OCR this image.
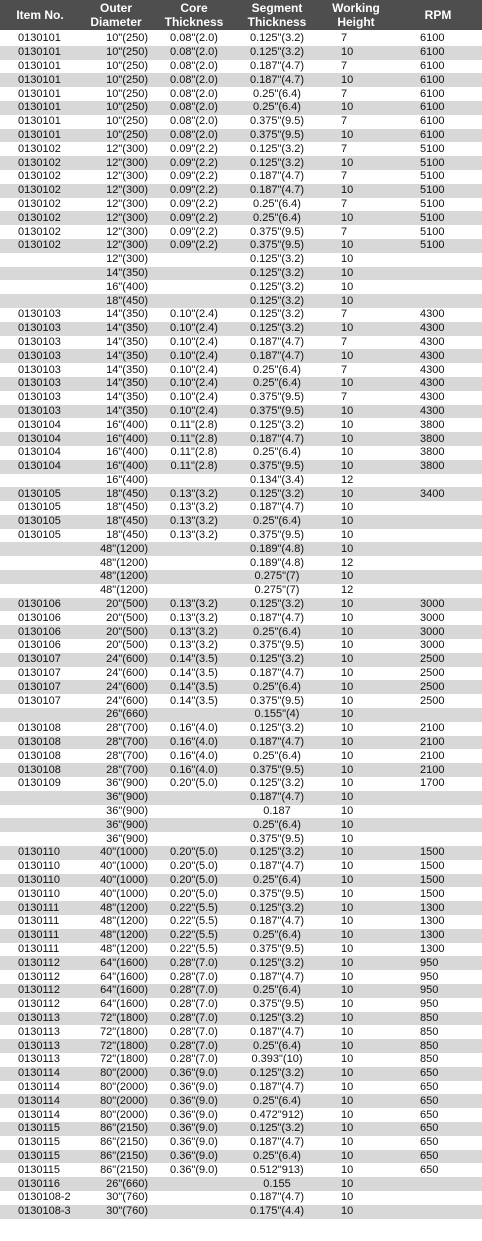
Item No.	Outer Diameter	Core Thickness	Segment Thickness	Working Height	RPM
0130101	10"(250)	0.08"(2.0)	0.125"(3.2)	7	6100
0130101	10"(250)	0.08"(2.0)	0.125"(3.2)	10	6100
0130101	10"(250)	0.08"(2.0)	0.187"(4.7)	7	6100
0130101	10"(250)	0.08"(2.0)	0.187"(4.7)	10	6100
0130101	10"(250)	0.08"(2.0)	0.25"(6.4)	7	6100
0130101	10"(250)	0.08"(2.0)	0.25"(6.4)	10	6100
0130101	10"(250)	0.08"(2.0)	0.375"(9.5)	7	6100
0130101	10"(250)	0.08"(2.0)	0.375"(9.5)	10	6100
0130102	12"(300)	0.09"(2.2)	0.125"(3.2)	7	5100
0130102	12"(300)	0.09"(2.2)	0.125"(3.2)	10	5100
0130102	12"(300)	0.09"(2.2)	0.187"(4.7)	7	5100
0130102	12"(300)	0.09"(2.2)	0.187"(4.7)	10	5100
0130102	12"(300)	0.09"(2.2)	0.25"(6.4)	7	5100
0130102	12"(300)	0.09"(2.2)	0.25"(6.4)	10	5100
0130102	12"(300)	0.09"(2.2)	0.375"(9.5)	7	5100
0130102	12"(300)	0.09"(2.2)	0.375"(9.5)	10	5100
	12"(300)		0.125"(3.2)	10	
	14"(350)		0.125"(3.2)	10	
	16"(400)		0.125"(3.2)	10	
	18"(450)		0.125"(3.2)	10	
0130103	14"(350)	0.10"(2.4)	0.125"(3.2)	7	4300
0130103	14"(350)	0.10"(2.4)	0.125"(3.2)	10	4300
0130103	14"(350)	0.10"(2.4)	0.187"(4.7)	7	4300
0130103	14"(350)	0.10"(2.4)	0.187"(4.7)	10	4300
0130103	14"(350)	0.10"(2.4)	0.25"(6.4)	7	4300
0130103	14"(350)	0.10"(2.4)	0.25"(6.4)	10	4300
0130103	14"(350)	0.10"(2.4)	0.375"(9.5)	7	4300
0130103	14"(350)	0.10"(2.4)	0.375"(9.5)	10	4300
0130104	16"(400)	0.11"(2.8)	0.125"(3.2)	10	3800
0130104	16"(400)	0.11"(2.8)	0.187"(4.7)	10	3800
0130104	16"(400)	0.11"(2.8)	0.25"(6.4)	10	3800
0130104	16"(400)	0.11"(2.8)	0.375"(9.5)	10	3800
	16"(400)		0.134"(3.4)	12	
0130105	18"(450)	0.13"(3.2)	0.125"(3.2)	10	3400
0130105	18"(450)	0.13"(3.2)	0.187"(4.7)	10	
0130105	18"(450)	0.13"(3.2)	0.25"(6.4)	10	
0130105	18"(450)	0.13"(3.2)	0.375"(9.5)	10	
	48"(1200)		0.189"(4.8)	10	
	48"(1200)		0.189"(4.8)	12	
	48"(1200)		0.275"(7)	10	
	48"(1200)		0.275"(7)	12	
0130106	20"(500)	0.13"(3.2)	0.125"(3.2)	10	3000
0130106	20"(500)	0.13"(3.2)	0.187"(4.7)	10	3000
0130106	20"(500)	0.13"(3.2)	0.25"(6.4)	10	3000
0130106	20"(500)	0.13"(3.2)	0.375"(9.5)	10	3000
0130107	24"(600)	0.14"(3.5)	0.125"(3.2)	10	2500
0130107	24"(600)	0.14"(3.5)	0.187"(4.7)	10	2500
0130107	24"(600)	0.14"(3.5)	0.25"(6.4)	10	2500
0130107	24"(600)	0.14"(3.5)	0.375"(9.5)	10	2500
	26"(660)		0.155"(4)	10	
0130108	28"(700)	0.16"(4.0)	0.125"(3.2)	10	2100
0130108	28"(700)	0.16"(4.0)	0.187"(4.7)	10	2100
0130108	28"(700)	0.16"(4.0)	0.25"(6.4)	10	2100
0130108	28"(700)	0.16"(4.0)	0.375"(9.5)	10	2100
0130109	36"(900)	0.20"(5.0)	0.125"(3.2)	10	1700
	36"(900)		0.187"(4.7)	10	
	36"(900)		0.187	10	
	36"(900)		0.25"(6.4)	10	
	36"(900)		0.375"(9.5)	10	
0130110	40"(1000)	0.20"(5.0)	0.125"(3.2)	10	1500
0130110	40"(1000)	0.20"(5.0)	0.187"(4.7)	10	1500
0130110	40"(1000)	0.20"(5.0)	0.25"(6.4)	10	1500
0130110	40"(1000)	0.20"(5.0)	0.375"(9.5)	10	1500
0130111	48"(1200)	0.22"(5.5)	0.125"(3.2)	10	1300
0130111	48"(1200)	0.22"(5.5)	0.187"(4.7)	10	1300
0130111	48"(1200)	0.22"(5.5)	0.25"(6.4)	10	1300
0130111	48"(1200)	0.22"(5.5)	0.375"(9.5)	10	1300
0130112	64"(1600)	0.28"(7.0)	0.125"(3.2)	10	950
0130112	64"(1600)	0.28"(7.0)	0.187"(4.7)	10	950
0130112	64"(1600)	0.28"(7.0)	0.25"(6.4)	10	950
0130112	64"(1600)	0.28"(7.0)	0.375"(9.5)	10	950
0130113	72"(1800)	0.28"(7.0)	0.125"(3.2)	10	850
0130113	72"(1800)	0.28"(7.0)	0.187"(4.7)	10	850
0130113	72"(1800)	0.28"(7.0)	0.25"(6.4)	10	850
0130113	72"(1800)	0.28"(7.0)	0.393"(10)	10	850
0130114	80"(2000)	0.36"(9.0)	0.125"(3.2)	10	650
0130114	80"(2000)	0.36"(9.0)	0.187"(4.7)	10	650
0130114	80"(2000)	0.36"(9.0)	0.25"(6.4)	10	650
0130114	80"(2000)	0.36"(9.0)	0.472"912)	10	650
0130115	86"(2150)	0.36"(9.0)	0.125"(3.2)	10	650
0130115	86"(2150)	0.36"(9.0)	0.187"(4.7)	10	650
0130115	86"(2150)	0.36"(9.0)	0.25"(6.4)	10	650
0130115	86"(2150)	0.36"(9.0)	0.512"913)	10	650
0130116	26"(660)		0.155	10	
0130108-2	30"(760)		0.187"(4.7)	10	
0130108-3	30"(760)		0.175"(4.4)	10	
